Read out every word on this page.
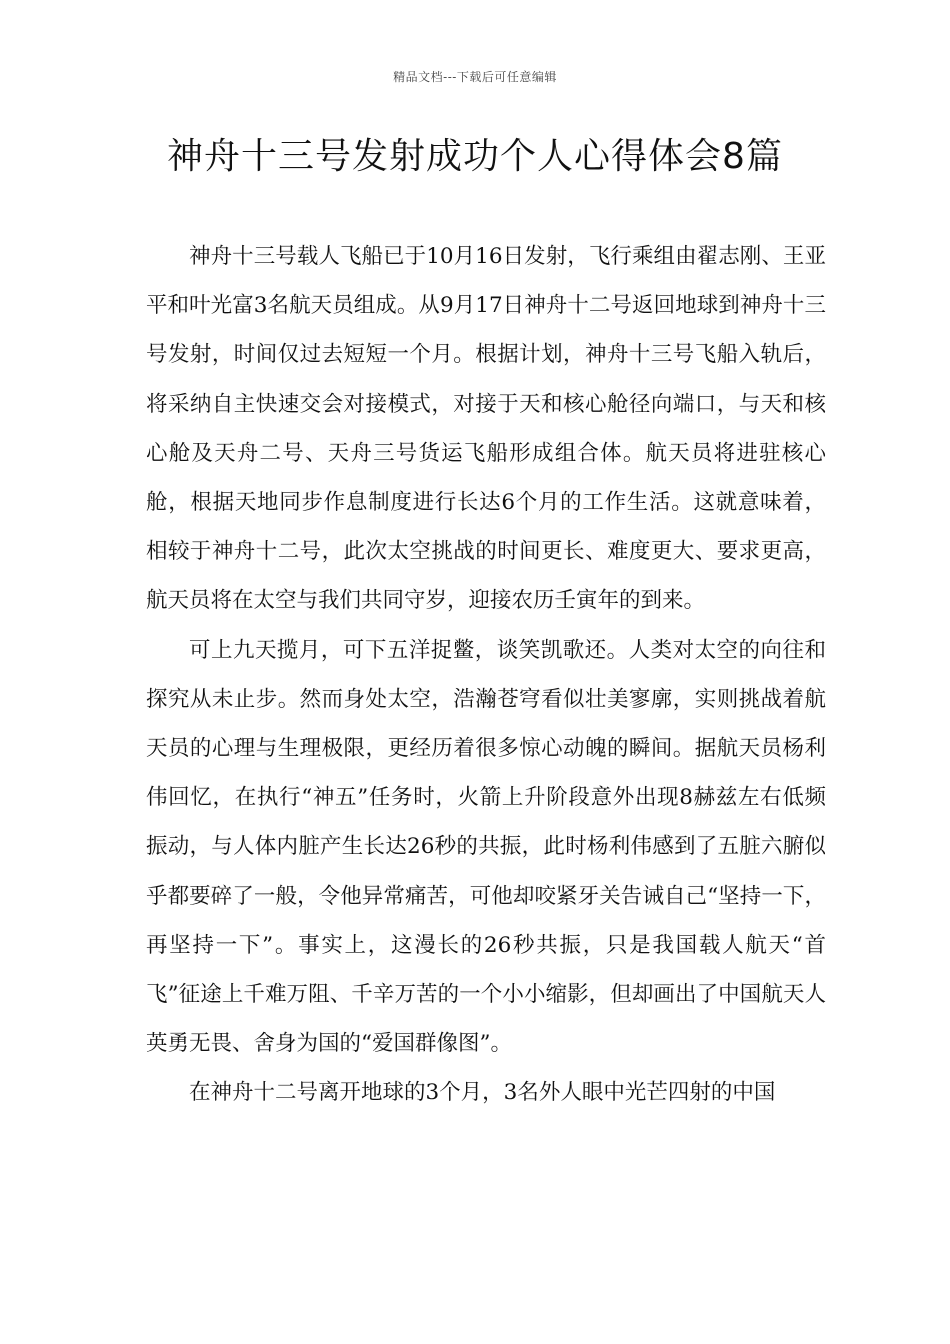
精品文档---下载后可任意编辑
神舟十三号发射成功个人心得体会8篇

神舟十三号载人飞船已于10月16日发射，飞行乘组由翟志刚、王亚平和叶光富3名航天员组成。从9月17日神舟十二号返回地球到神舟十三号发射，时间仅过去短短一个月。根据计划，神舟十三号飞船入轨后，将采纳自主快速交会对接模式，对接于天和核心舱径向端口，与天和核心舱及天舟二号、天舟三号货运飞船形成组合体。航天员将进驻核心舱，根据天地同步作息制度进行长达6个月的工作生活。这就意味着，相较于神舟十二号，此次太空挑战的时间更长、难度更大、要求更高，航天员将在太空与我们共同守岁，迎接农历壬寅年的到来。

可上九天揽月，可下五洋捉鳖，谈笑凯歌还。人类对太空的向往和探究从未止步。然而身处太空，浩瀚苍穹看似壮美寥廓，实则挑战着航天员的心理与生理极限，更经历着很多惊心动魄的瞬间。据航天员杨利伟回忆，在执行“神五”任务时，火箭上升阶段意外出现8赫兹左右低频振动，与人体内脏产生长达26秒的共振，此时杨利伟感到了五脏六腑似乎都要碎了一般，令他异常痛苦，可他却咬紧牙关告诫自己“坚持一下，再坚持一下”。事实上，这漫长的26秒共振，只是我国载人航天“首飞”征途上千难万阻、千辛万苦的一个小小缩影，但却画出了中国航天人英勇无畏、舍身为国的“爱国群像图”。

在神舟十二号离开地球的3个月，3名外人眼中光芒四射的中国
